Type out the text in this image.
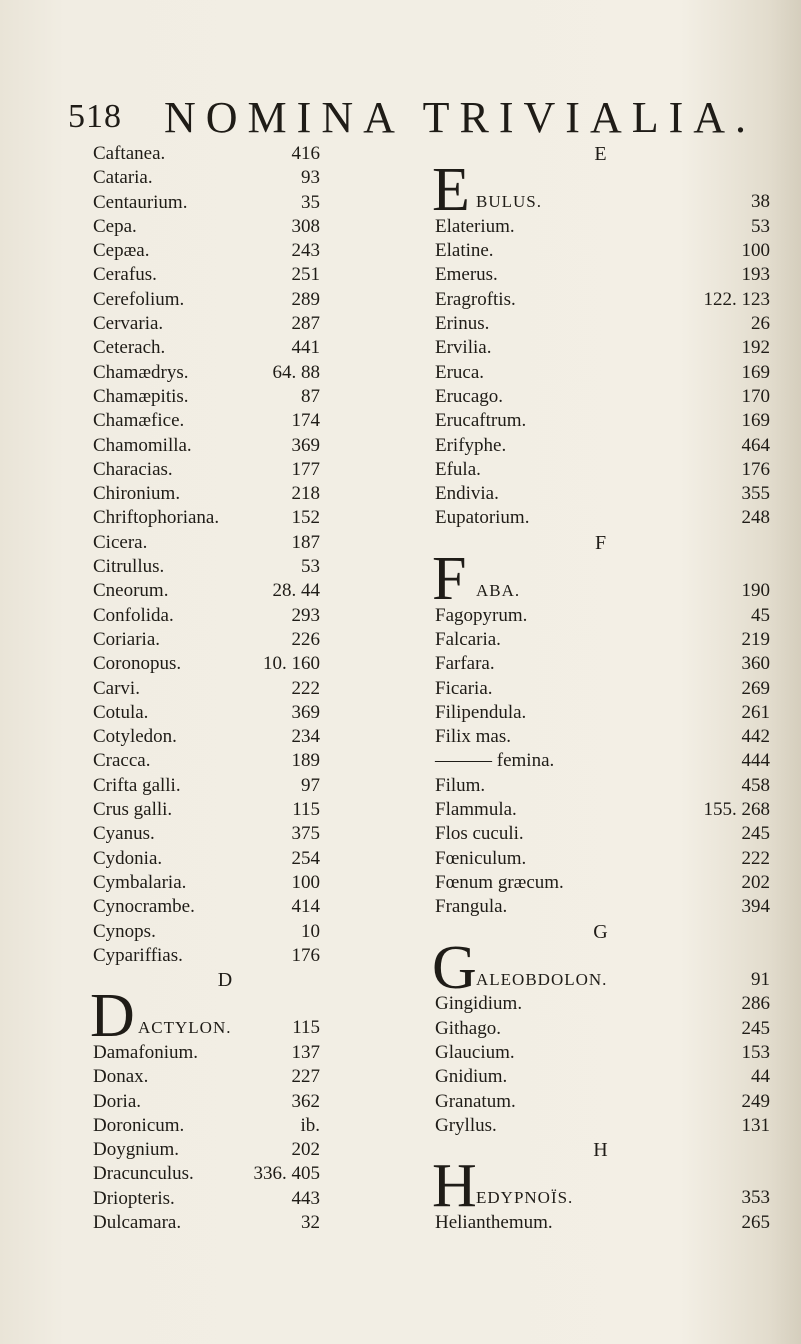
518 NOMINA TRIVIALIA.
Caftanea.	416
Cataria.	93
Centaurium.	35
Cepa.	308
Cepæa.	243
Cerafus.	251
Cerefolium.	289
Cervaria.	287
Ceterach.	441
Chamædrys.	64. 88
Chamæpitis.	87
Chamæfice.	174
Chamomilla.	369
Characias.	177
Chironium.	218
Chriftophoriana.	152
Cicera.	187
Citrullus.	53
Cneorum.	28. 44
Confolida.	293
Coriaria.	226
Coronopus.	10. 160
Carvi.	222
Cotula.	369
Cotyledon.	234
Cracca.	189
Crifta galli.	97
Crus galli.	115
Cyanus.	375
Cydonia.	254
Cymbalaria.	100
Cynocrambe.	414
Cynops.	10
Cypariffias.	176
D
D ACTYLON.	115
Damafonium.	137
Donax.	227
Doria.	362
Doronicum.	ib.
Doygnium.	202
Dracunculus.	336. 405
Driopteris.	443
Dulcamara.	32
E
E BULUS.	38
Elaterium.	53
Elatine.	100
Emerus.	193
Eragroftis.	122. 123
Erinus.	26
Ervilia.	192
Eruca.	169
Erucago.	170
Erucaftrum.	169
Erifyphe.	464
Efula.	176
Endivia.	355
Eupatorium.	248
F
F ABA.	190
Fagopyrum.	45
Falcaria.	219
Farfara.	360
Ficaria.	269
Filipendula.	261
Filix mas.	442
——— femina.	444
Filum.	458
Flammula.	155. 268
Flos cuculi.	245
Fœniculum.	222
Fœnum græcum.	202
Frangula.	394
G
G ALEOBDOLON.	91
Gingidium.	286
Githago.	245
Glaucium.	153
Gnidium.	44
Granatum.	249
Gryllus.	131
H
H EDYPNOÏS.	353
Helianthemum.	265
